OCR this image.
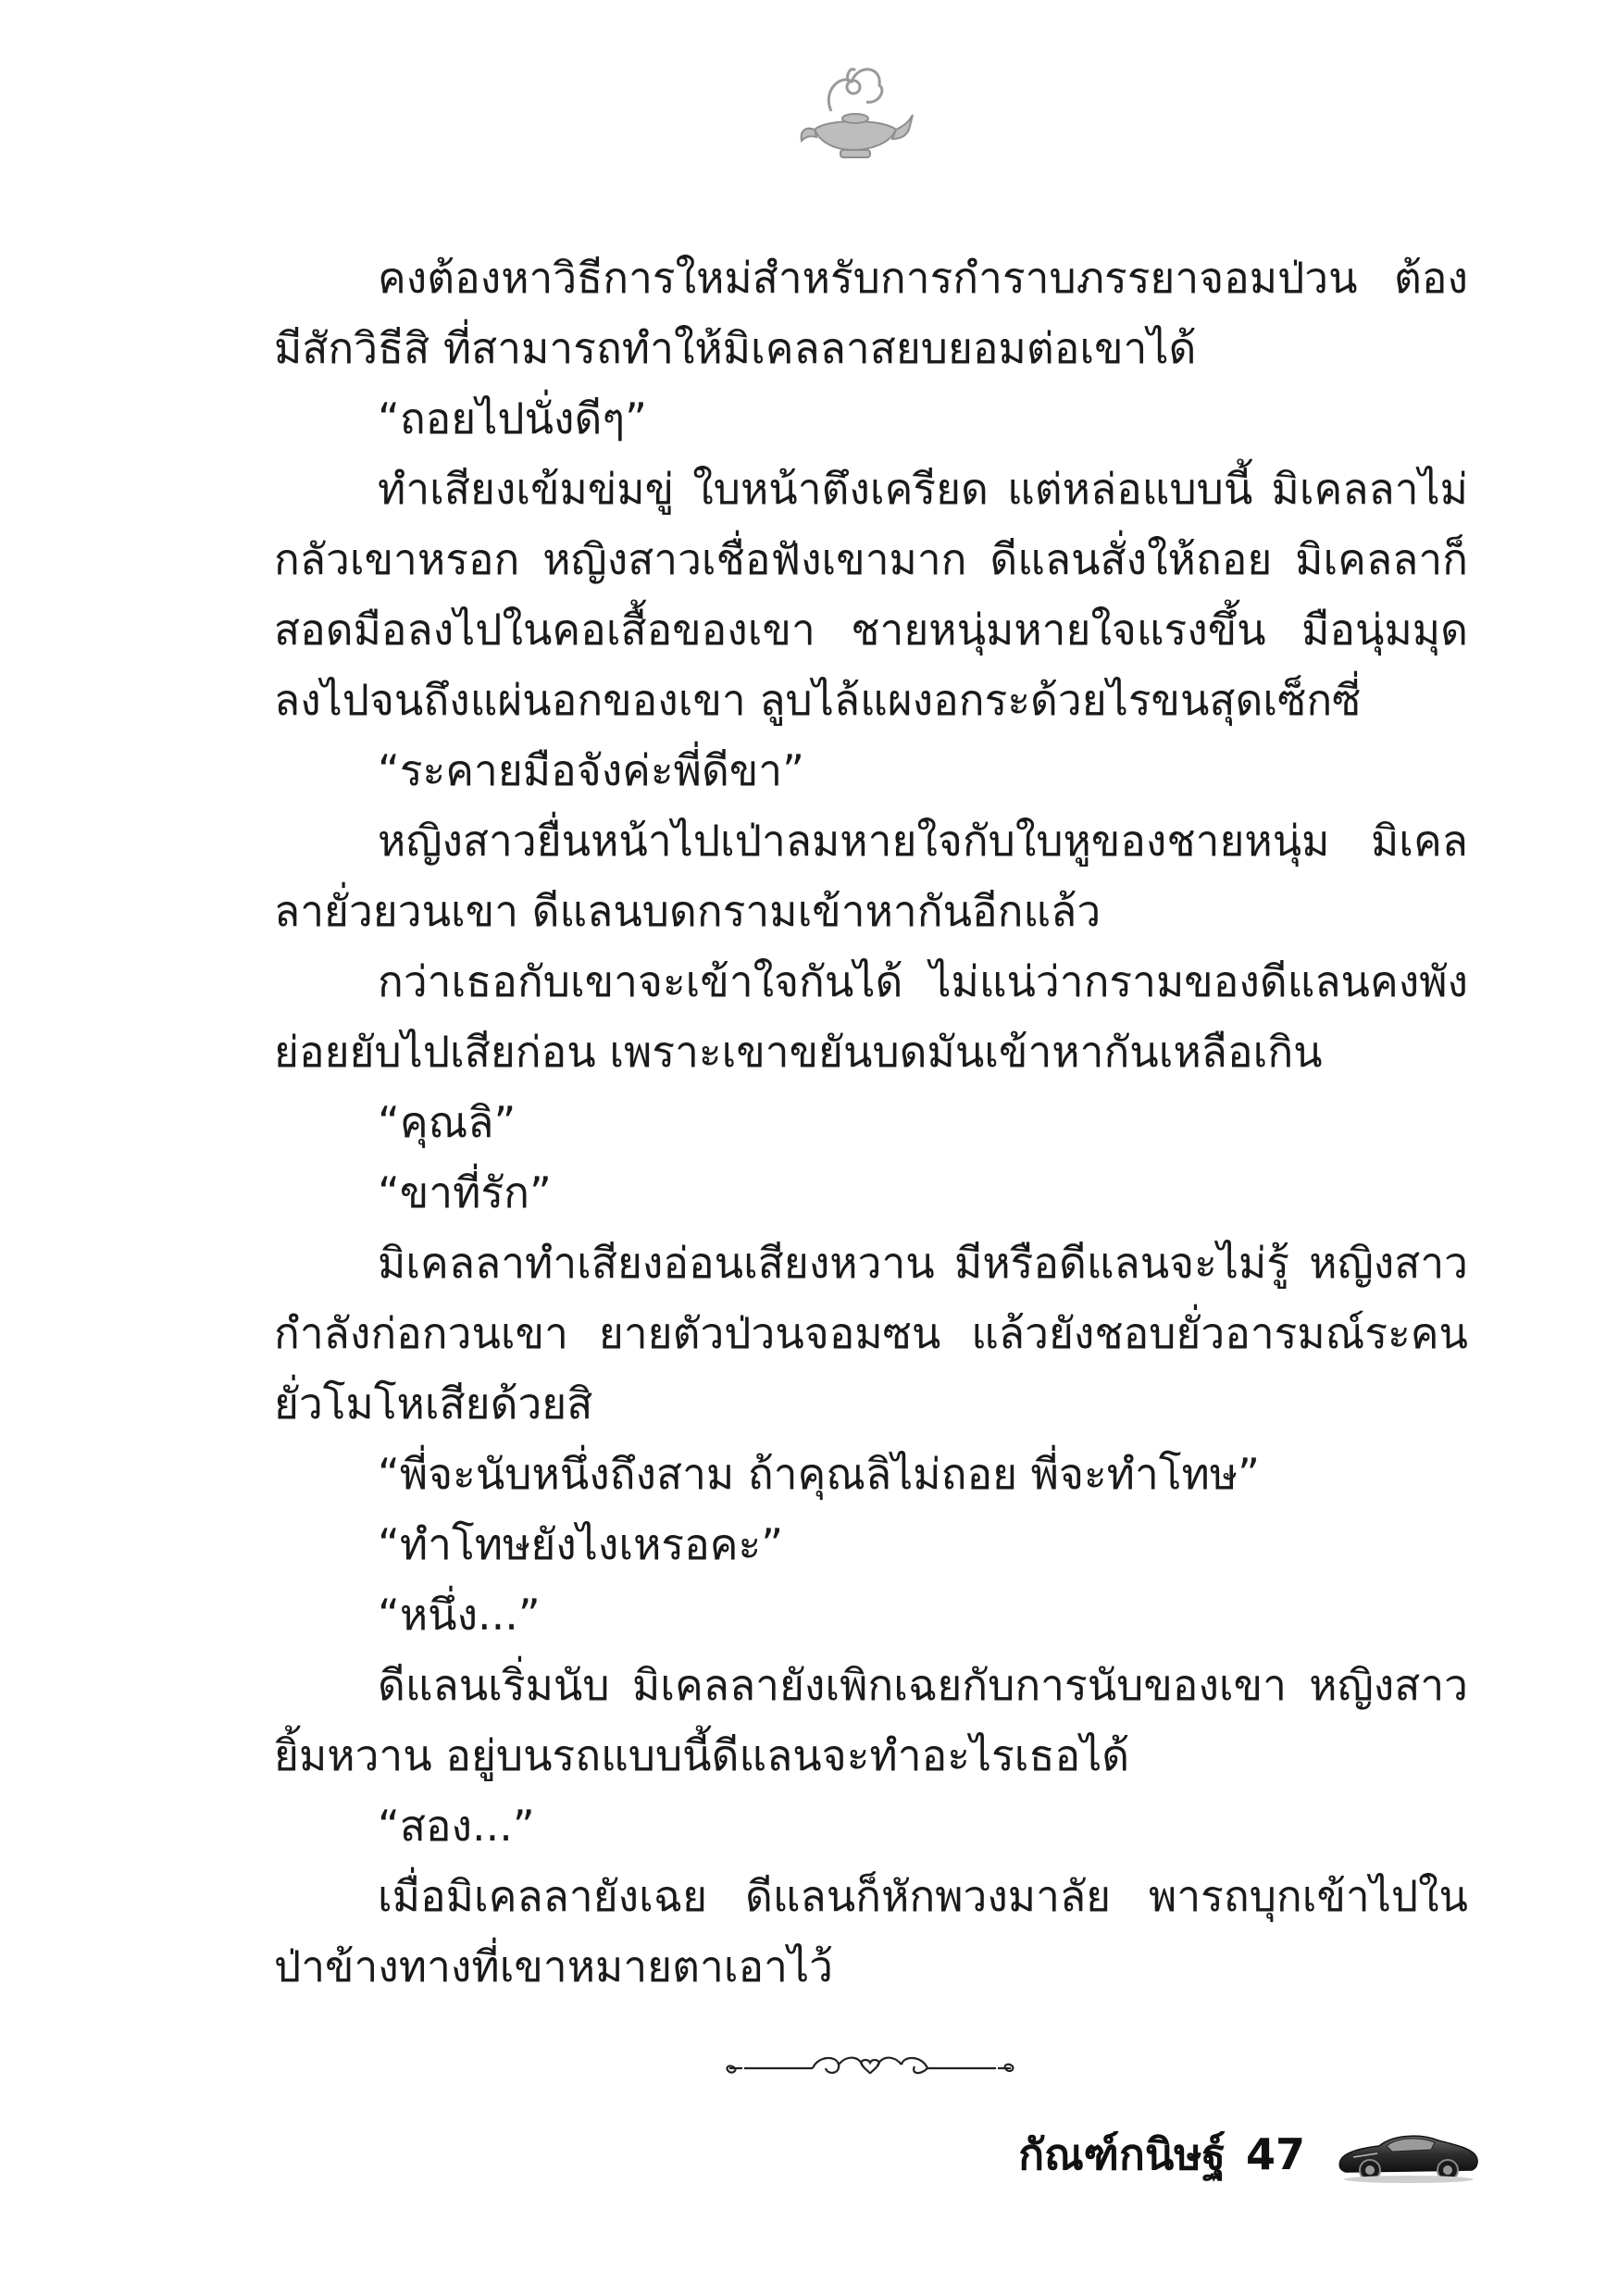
คงต้องหาวิธีการใหม่สำหรับการกำราบภรรยาจอมป่วน ต้องมีสักวิธีสิ ที่สามารถทำให้มิเคลลาสยบยอมต่อเขาได้

“ถอยไปนั่งดีๆ”

ทำเสียงเข้มข่มขู่ ใบหน้าตึงเครียด แต่หล่อแบบนี้ มิเคลลาไม่กลัวเขาหรอก หญิงสาวเชื่อฟังเขามาก ดีแลนสั่งให้ถอย มิเคลลาก็สอดมือลงไปในคอเสื้อของเขา ชายหนุ่มหายใจแรงขึ้น มือนุ่มมุดลงไปจนถึงแผ่นอกของเขา ลูบไล้แผงอกระด้วยไรขนสุดเซ็กซี่

“ระคายมือจังค่ะพี่ดีขา”

หญิงสาวยื่นหน้าไปเป่าลมหายใจกับใบหูของชายหนุ่ม มิเคลลายั่วยวนเขา ดีแลนบดกรามเข้าหากันอีกแล้ว

กว่าเธอกับเขาจะเข้าใจกันได้ ไม่แน่ว่ากรามของดีแลนคงพังย่อยยับไปเสียก่อน เพราะเขาขยันบดมันเข้าหากันเหลือเกิน

“คุณลิ”

“ขาที่รัก”

มิเคลลาทำเสียงอ่อนเสียงหวาน มีหรือดีแลนจะไม่รู้ หญิงสาวกำลังก่อกวนเขา ยายตัวป่วนจอมซน แล้วยังชอบยั่วอารมณ์ระคนยั่วโมโหเสียด้วยสิ

“พี่จะนับหนึ่งถึงสาม ถ้าคุณลิไม่ถอย พี่จะทำโทษ”

“ทำโทษยังไงเหรอคะ”

“หนึ่ง...”

ดีแลนเริ่มนับ มิเคลลายังเพิกเฉยกับการนับของเขา หญิงสาวยิ้มหวาน อยู่บนรถแบบนี้ดีแลนจะทำอะไรเธอได้

“สอง...”

เมื่อมิเคลลายังเฉย ดีแลนก็หักพวงมาลัย พารถบุกเข้าไปในป่าข้างทางที่เขาหมายตาเอาไว้

กัณฑ์กนิษฐ์ 47
